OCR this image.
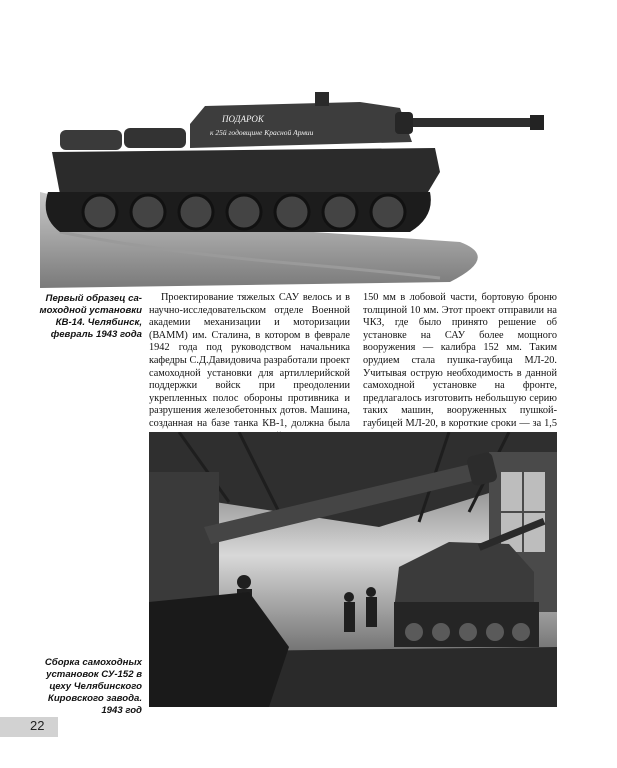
ПОДАРОК
к 25й годовщине Красной Армии
Первый образец са-
моходной установки
КВ-14. Челябинск,
февраль 1943 года

Проектирование тяжелых САУ велось и в научно-исследовательском отделе Военной академии механизации и моторизации (ВАММ) им. Сталина, в котором в феврале 1942 года под руководством начальника кафедры С.Д.Давидовича разработали проект самоходной установки для артиллерийской поддержки войск при преодолении укрепленных полос обороны противника и разрушения железобетонных дотов. Машина, созданная на базе танка КВ-1, должна была

150 мм в лобовой части, бортовую броню толщиной 10 мм. Этот проект отправили на ЧКЗ, где было принято решение об установке на САУ более мощного вооружения — калибра 152 мм. Таким орудием стала пушка-гаубица МЛ-20. Учитывая острую необходимость в данной самоходной установке на фронте, предлагалось изготовить небольшую серию таких машин, вооруженных пушкой-гаубицей МЛ-20, в короткие сроки — за 1,5

Сборка самоходных
установок СУ-152 в
цеху Челябинского
Кировского завода.
1943 год
22
